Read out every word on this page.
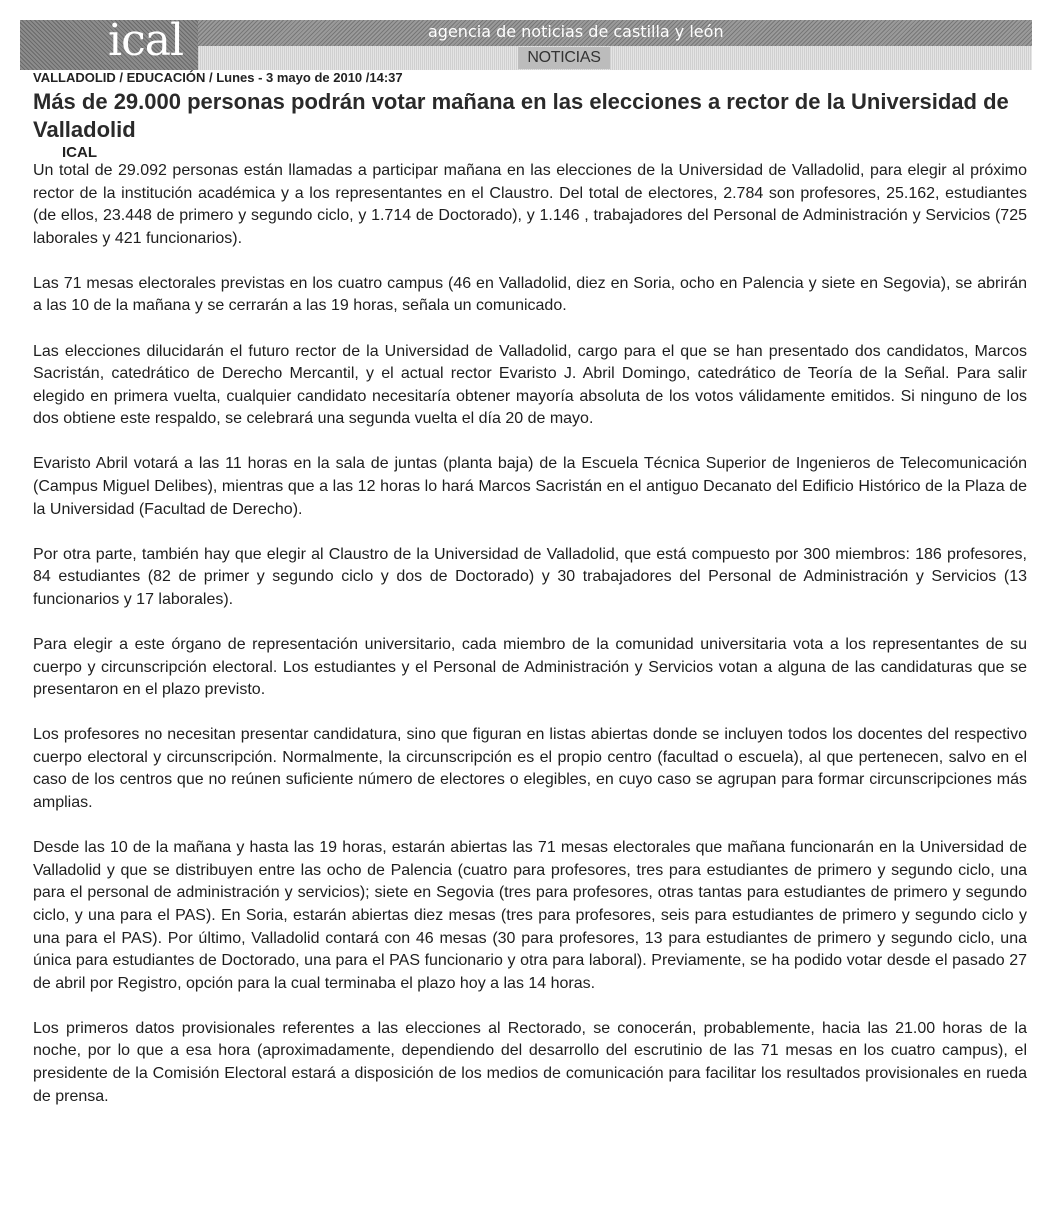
ical	agencia de noticias de castilla y león
NOTICIAS
VALLADOLID / EDUCACIÓN / Lunes - 3 mayo de 2010 /14:37
Más de 29.000 personas podrán votar mañana en las elecciones a rector de la Universidad de Valladolid
ICAL

Un total de 29.092 personas están llamadas a participar mañana en las elecciones de la Universidad de Valladolid, para elegir al próximo rector de la institución académica y a los representantes en el Claustro. Del total de electores, 2.784 son profesores, 25.162, estudiantes (de ellos, 23.448 de primero y segundo ciclo, y 1.714 de Doctorado), y 1.146 , trabajadores del Personal de Administración y Servicios (725 laborales y 421 funcionarios).

Las 71 mesas electorales previstas en los cuatro campus (46 en Valladolid, diez en Soria, ocho en Palencia y siete en Segovia), se abrirán a las 10 de la mañana y se cerrarán a las 19 horas, señala un comunicado.

Las elecciones dilucidarán el futuro rector de la Universidad de Valladolid, cargo para el que se han presentado dos candidatos, Marcos Sacristán, catedrático de Derecho Mercantil, y el actual rector Evaristo J. Abril Domingo, catedrático de Teoría de la Señal. Para salir elegido en primera vuelta, cualquier candidato necesitaría obtener mayoría absoluta de los votos válidamente emitidos. Si ninguno de los dos obtiene este respaldo, se celebrará una segunda vuelta el día 20 de mayo.

Evaristo Abril votará a las 11 horas en la sala de juntas (planta baja) de la Escuela Técnica Superior de Ingenieros de Telecomunicación (Campus Miguel Delibes), mientras que a las 12 horas lo hará Marcos Sacristán en el antiguo Decanato del Edificio Histórico de la Plaza de la Universidad (Facultad de Derecho).

Por otra parte, también hay que elegir al Claustro de la Universidad de Valladolid, que está compuesto por 300 miembros: 186 profesores, 84 estudiantes (82 de primer y segundo ciclo y dos de Doctorado) y 30 trabajadores del Personal de Administración y Servicios (13 funcionarios y 17 laborales).

Para elegir a este órgano de representación universitario, cada miembro de la comunidad universitaria vota a los representantes de su cuerpo y circunscripción electoral. Los estudiantes y el Personal de Administración y Servicios votan a alguna de las candidaturas que se presentaron en el plazo previsto.

Los profesores no necesitan presentar candidatura, sino que figuran en listas abiertas donde se incluyen todos los docentes del respectivo cuerpo electoral y circunscripción. Normalmente, la circunscripción es el propio centro (facultad o escuela), al que pertenecen, salvo en el caso de los centros que no reúnen suficiente número de electores o elegibles, en cuyo caso se agrupan para formar circunscripciones más amplias.

Desde las 10 de la mañana y hasta las 19 horas, estarán abiertas las 71 mesas electorales que mañana funcionarán en la Universidad de Valladolid y que se distribuyen entre las ocho de Palencia (cuatro para profesores, tres para estudiantes de primero y segundo ciclo, una para el personal de administración y servicios); siete en Segovia (tres para profesores, otras tantas para estudiantes de primero y segundo ciclo, y una para el PAS). En Soria, estarán abiertas diez mesas (tres para profesores, seis para estudiantes de primero y segundo ciclo y una para el PAS). Por último, Valladolid contará con 46 mesas (30 para profesores, 13 para estudiantes de primero y segundo ciclo, una única para estudiantes de Doctorado, una para el PAS funcionario y otra para laboral). Previamente, se ha podido votar desde el pasado 27 de abril por Registro, opción para la cual terminaba el plazo hoy a las 14 horas.

Los primeros datos provisionales referentes a las elecciones al Rectorado, se conocerán, probablemente, hacia las 21.00 horas de la noche, por lo que a esa hora (aproximadamente, dependiendo del desarrollo del escrutinio de las 71 mesas en los cuatro campus), el presidente de la Comisión Electoral estará a disposición de los medios de comunicación para facilitar los resultados provisionales en rueda de prensa.
